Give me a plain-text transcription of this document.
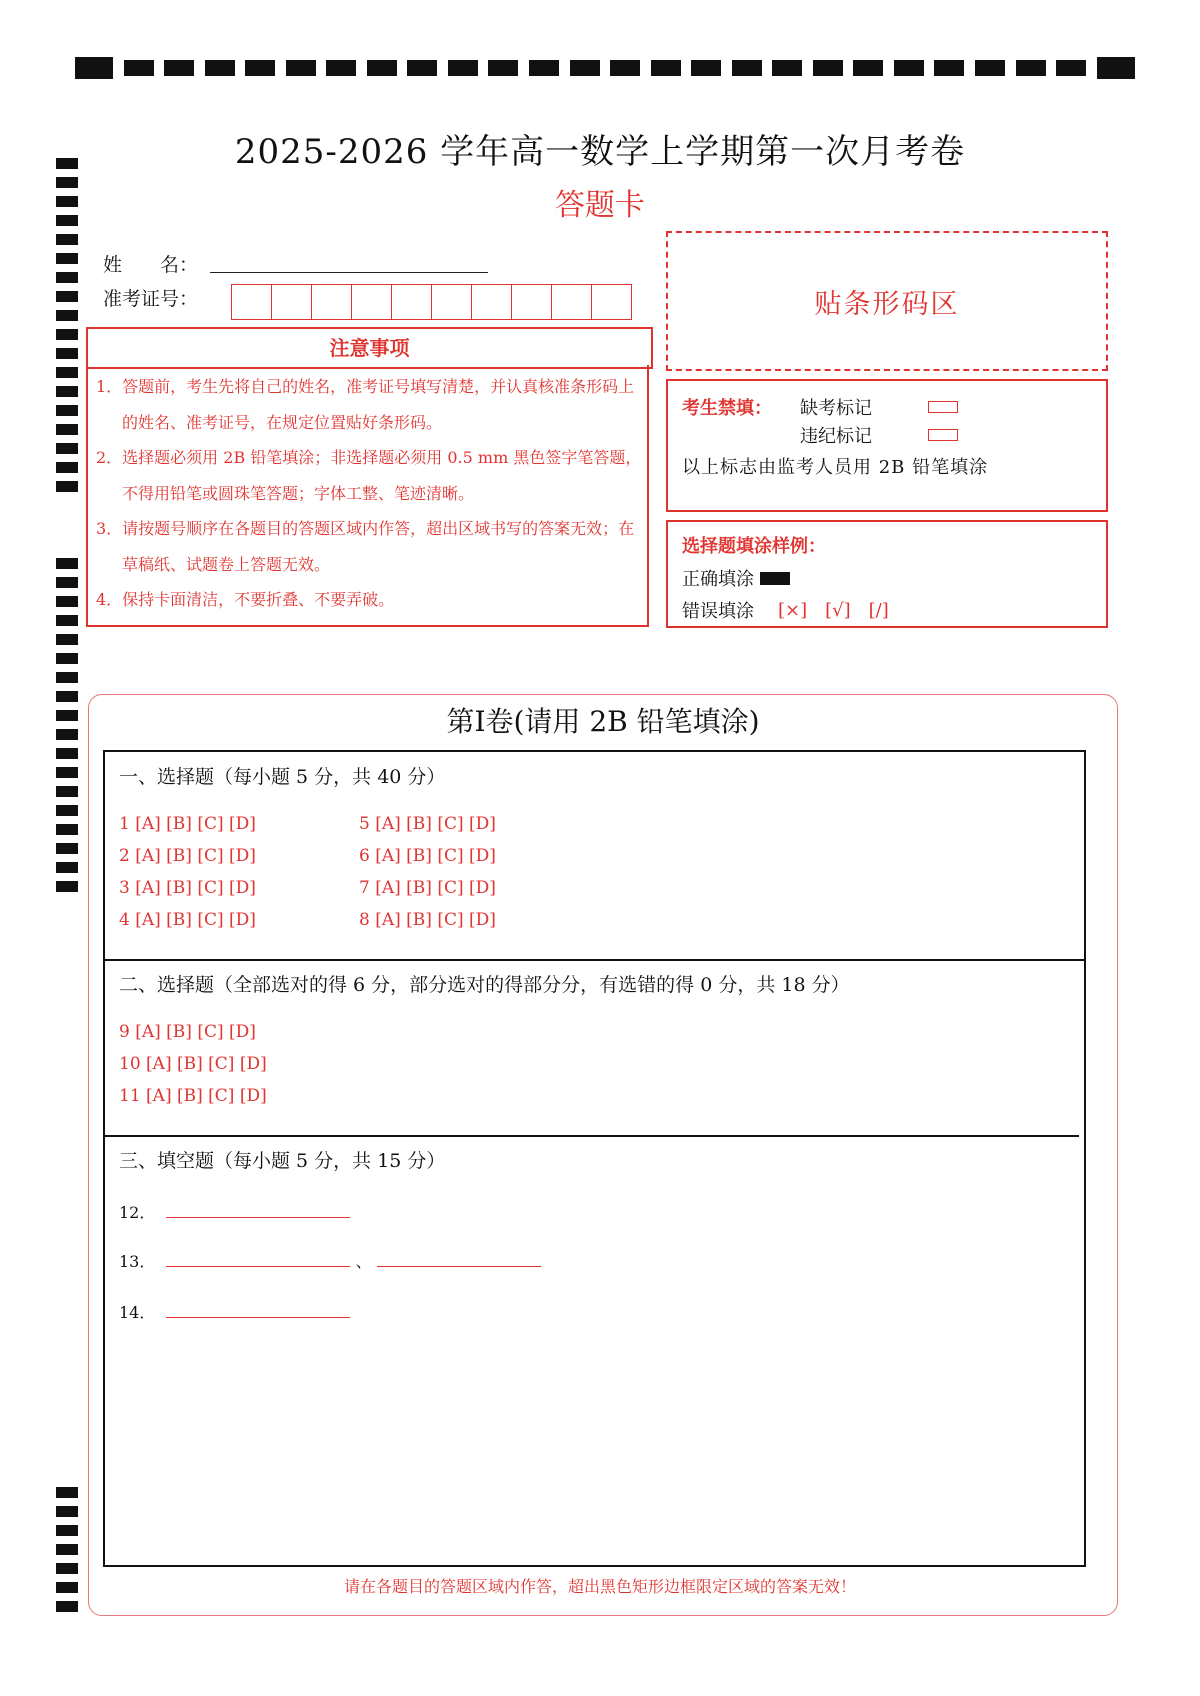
2025-2026 学年高一数学上学期第一次月考卷
答题卡
姓　　名：
准考证号：
注意事项

1．答题前，考生先将自己的姓名，准考证号填写清楚，并认真核准条形码上的姓名、准考证号，在规定位置贴好条形码。

2．选择题必须用 2B 铅笔填涂；非选择题必须用 0.5 mm 黑色签字笔答题，不得用铅笔或圆珠笔答题；字体工整、笔迹清晰。

3．请按题号顺序在各题目的答题区域内作答，超出区域书写的答案无效；在草稿纸、试题卷上答题无效。

4．保持卡面清洁，不要折叠、不要弄破。

贴条形码区
考生禁填：	缺考标记
违纪标记
以上标志由监考人员用 2B 铅笔填涂
选择题填涂样例：
正确填涂
错误填涂 [×] [√] [/]
第Ⅰ卷(请用 2B 铅笔填涂)
一、选择题（每小题 5 分，共 40 分）
1 [A] [B] [C] [D]
2 [A] [B] [C] [D]
3 [A] [B] [C] [D]
4 [A] [B] [C] [D]
5 [A] [B] [C] [D]
6 [A] [B] [C] [D]
7 [A] [B] [C] [D]
8 [A] [B] [C] [D]
二、选择题（全部选对的得 6 分，部分选对的得部分分，有选错的得 0 分，共 18 分）
9 [A] [B] [C] [D]
10 [A] [B] [C] [D]
11 [A] [B] [C] [D]
三、填空题（每小题 5 分，共 15 分）
12．
13．	、
14．
请在各题目的答题区域内作答，超出黑色矩形边框限定区域的答案无效！
